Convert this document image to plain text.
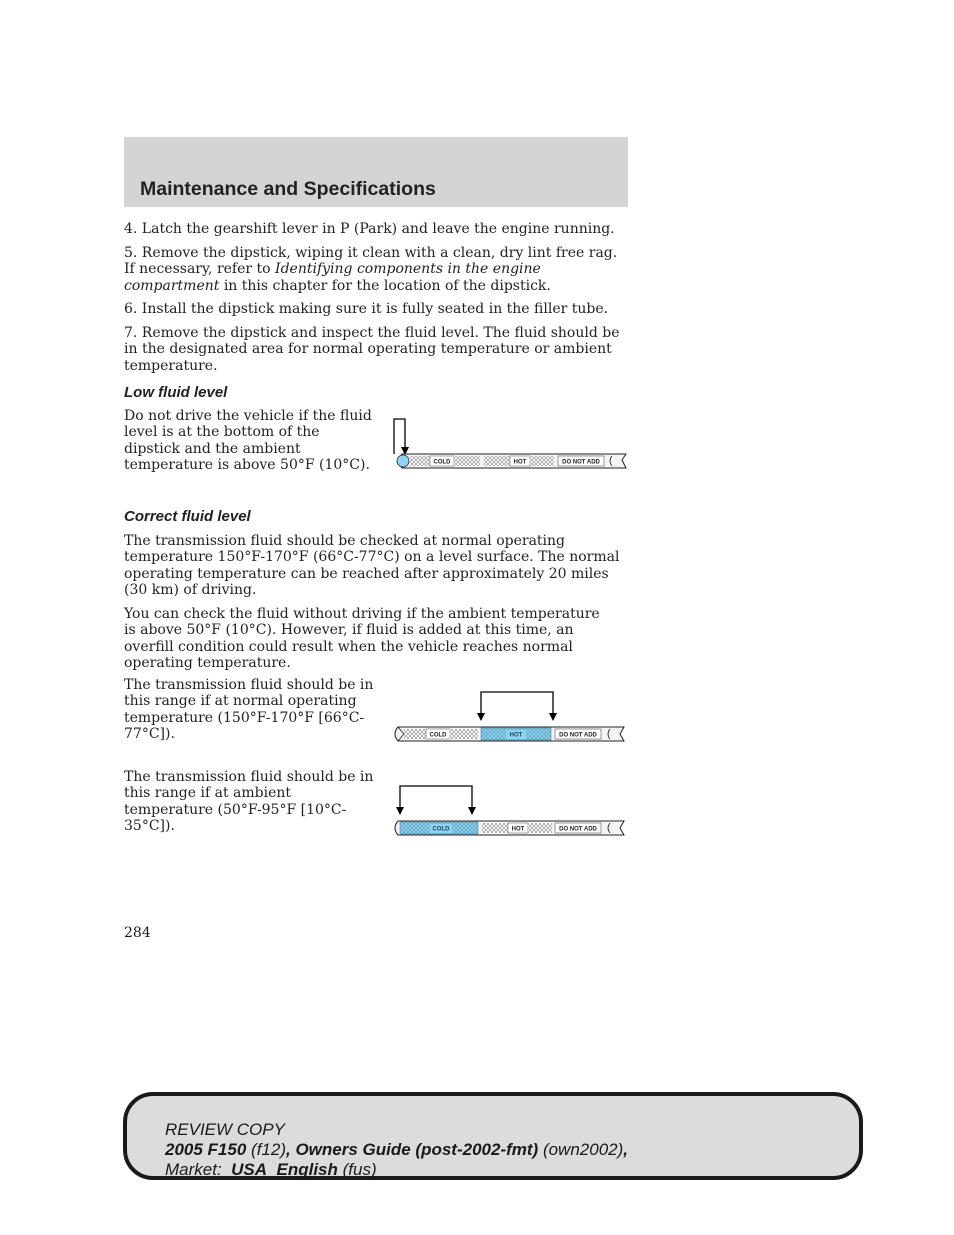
Maintenance and Specifications

4. Latch the gearshift lever in P (Park) and leave the engine running.

5. Remove the dipstick, wiping it clean with a clean, dry lint free rag. If necessary, refer to Identifying components in the engine compartment in this chapter for the location of the dipstick.

6. Install the dipstick making sure it is fully seated in the filler tube.

7. Remove the dipstick and inspect the fluid level. The fluid should be in the designated area for normal operating temperature or ambient temperature.

Low fluid level

Do not drive the vehicle if the fluid level is at the bottom of the dipstick and the ambient temperature is above 50°F (10°C).	COLD	HOT	DO NOT ADD
Correct fluid level

The transmission fluid should be checked at normal operating temperature 150°F-170°F (66°C-77°C) on a level surface. The normal operating temperature can be reached after approximately 20 miles (30 km) of driving.

You can check the fluid without driving if the ambient temperature is above 50°F (10°C). However, if fluid is added at this time, an overfill condition could result when the vehicle reaches normal operating temperature.

The transmission fluid should be in this range if at normal operating temperature (150°F-170°F [66°C-77°C]).	COLD	HOT	DO NOT ADD

The transmission fluid should be in this range if at ambient temperature (50°F-95°F [10°C-35°C]).	COLD	HOT	DO NOT ADD
284
REVIEW COPY
2005 F150 (f12), Owners Guide (post-2002-fmt) (own2002),
Market: USA_English (fus)
